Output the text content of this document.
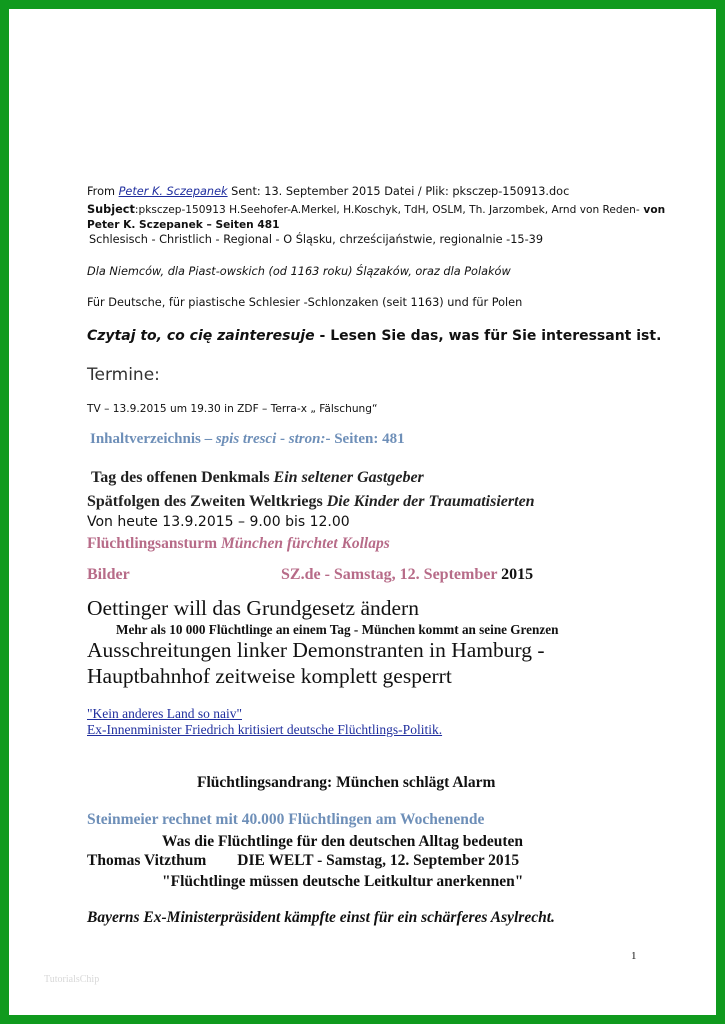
From Peter K. Sczepanek Sent: 13. September 2015 Datei / Plik: pksczep-150913.doc
Subject:pksczep-150913 H.Seehofer-A.Merkel, H.Koschyk, TdH, OSLM, Th. Jarzombek, Arnd von Reden- von
Peter K. Sczepanek – Seiten 481
Schlesisch - Christlich - Regional - O Śląsku, chrześcijaństwie, regionalnie -15-39
Dla Niemców, dla Piast-owskich (od 1163 roku) Ślązaków, oraz dla Polaków
Für Deutsche, für piastische Schlesier -Schlonzaken (seit 1163) und für Polen
Czytaj to, co cię zainteresuje - Lesen Sie das, was für Sie interessant ist.
Termine:
TV – 13.9.2015 um 19.30 in ZDF – Terra-x „ Fälschung“
Inhaltverzeichnis – spis tresci - stron:- Seiten: 481
Tag des offenen Denkmals Ein seltener Gastgeber
Spätfolgen des Zweiten Weltkriegs Die Kinder der Traumatisierten
Von heute 13.9.2015 – 9.00 bis 12.00
Flüchtlingsansturm München fürchtet Kollaps
Bilder	SZ.de - Samstag, 12. September 2015
Oettinger will das Grundgesetz ändern
Mehr als 10 000 Flüchtlinge an einem Tag - München kommt an seine Grenzen
Ausschreitungen linker Demonstranten in Hamburg -
Hauptbahnhof zeitweise komplett gesperrt
"Kein anderes Land so naiv"
Ex-Innenminister Friedrich kritisiert deutsche Flüchtlings-Politik.
Flüchtlingsandrang: München schlägt Alarm
Steinmeier rechnet mit 40.000 Flüchtlingen am Wochenende
Was die Flüchtlinge für den deutschen Alltag bedeuten
Thomas Vitzthum        DIE WELT - Samstag, 12. September 2015
"Flüchtlinge müssen deutsche Leitkultur anerkennen"
Bayerns Ex-Ministerpräsident kämpfte einst für ein schärferes Asylrecht.
1
TutorialsChip
